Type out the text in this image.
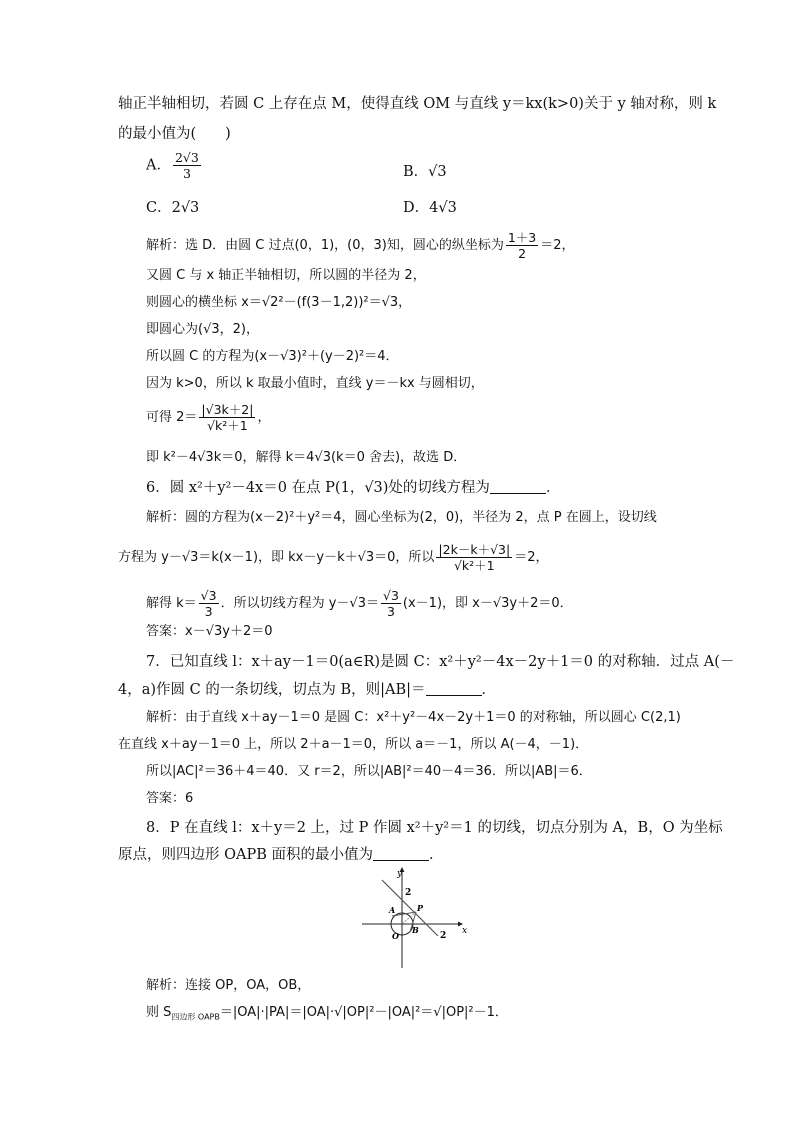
轴正半轴相切，若圆 C 上存在点 M，使得直线 OM 与直线 y＝kx(k>0)关于 y 轴对称，则 k
的最小值为(　　)
A． $\frac{2√3}{3}$	B．√3
C．2√3	D．4√3
解析：选 D．由圆 C 过点(0，1)，(0，3)知，圆心的纵坐标为 $\frac{1+3}{2} =2$，
又圆 C 与 x 轴正半轴相切，所以圆的半径为 2，
则圆心的横坐标 x＝√2²－(f(3－1,2))²＝√3，
即圆心为(√3，2)，
所以圆 C 的方程为(x－√3)²＋(y－2)²＝4．
因为 k>0，所以 k 取最小值时，直线 y＝－kx 与圆相切，
可得 $2= \frac{|√3k+2|}{\text{√k²＋1}}$ ，
即 k²－4√3k＝0，解得 k＝4√3(k＝0 舍去)，故选 D．
6．圆 x²＋y²－4x＝0 在点 P(1，√3)处的切线方程为	．
解析：圆的方程为(x－2)²＋y²＝4，圆心坐标为(2，0)，半径为 2，点 P 在圆上，设切线
方程为 y－√3＝k(x－1)，即 kx－y－k＋√3＝0，所以 $\frac{|2k-k+√3|}{\text{√k²＋1}} =2$，
解得 $k= \frac{√3}{3}$ ．所以切线方程为 $y-√3= \frac{√3}{3} (x-1)$，即 x－√3y＋2＝0．
答案：x－√3y＋2＝0
7．已知直线 l：x＋ay－1＝0(a∈R)是圆 C：x²＋y²－4x－2y＋1＝0 的对称轴．过点 A(－
4，a)作圆 C 的一条切线，切点为 B，则|AB|＝	．
解析：由于直线 x＋ay－1＝0 是圆 C：x²＋y²－4x－2y＋1＝0 的对称轴，所以圆心 C(2,1)
在直线 x＋ay－1＝0 上，所以 2＋a－1＝0，所以 a＝－1，所以 A(－4，－1)．
所以|AC|²＝36＋4＝40．又 r＝2，所以|AB|²＝40－4＝36．所以|AB|＝6．
答案：6
8．P 在直线 l：x＋y＝2 上，过 P 作圆 x²＋y²＝1 的切线，切点分别为 A，B，O 为坐标
原点，则四边形 OAPB 面积的最小值为	．
y
x
2
2
A	P
B
O
解析：连接 OP，OA，OB，
则 $S_{四边形 OAPB}=|OA|\cdot|PA|=|OA|\cdot√|OP|^2-|OA|^2=√|OP|^2-1$．
